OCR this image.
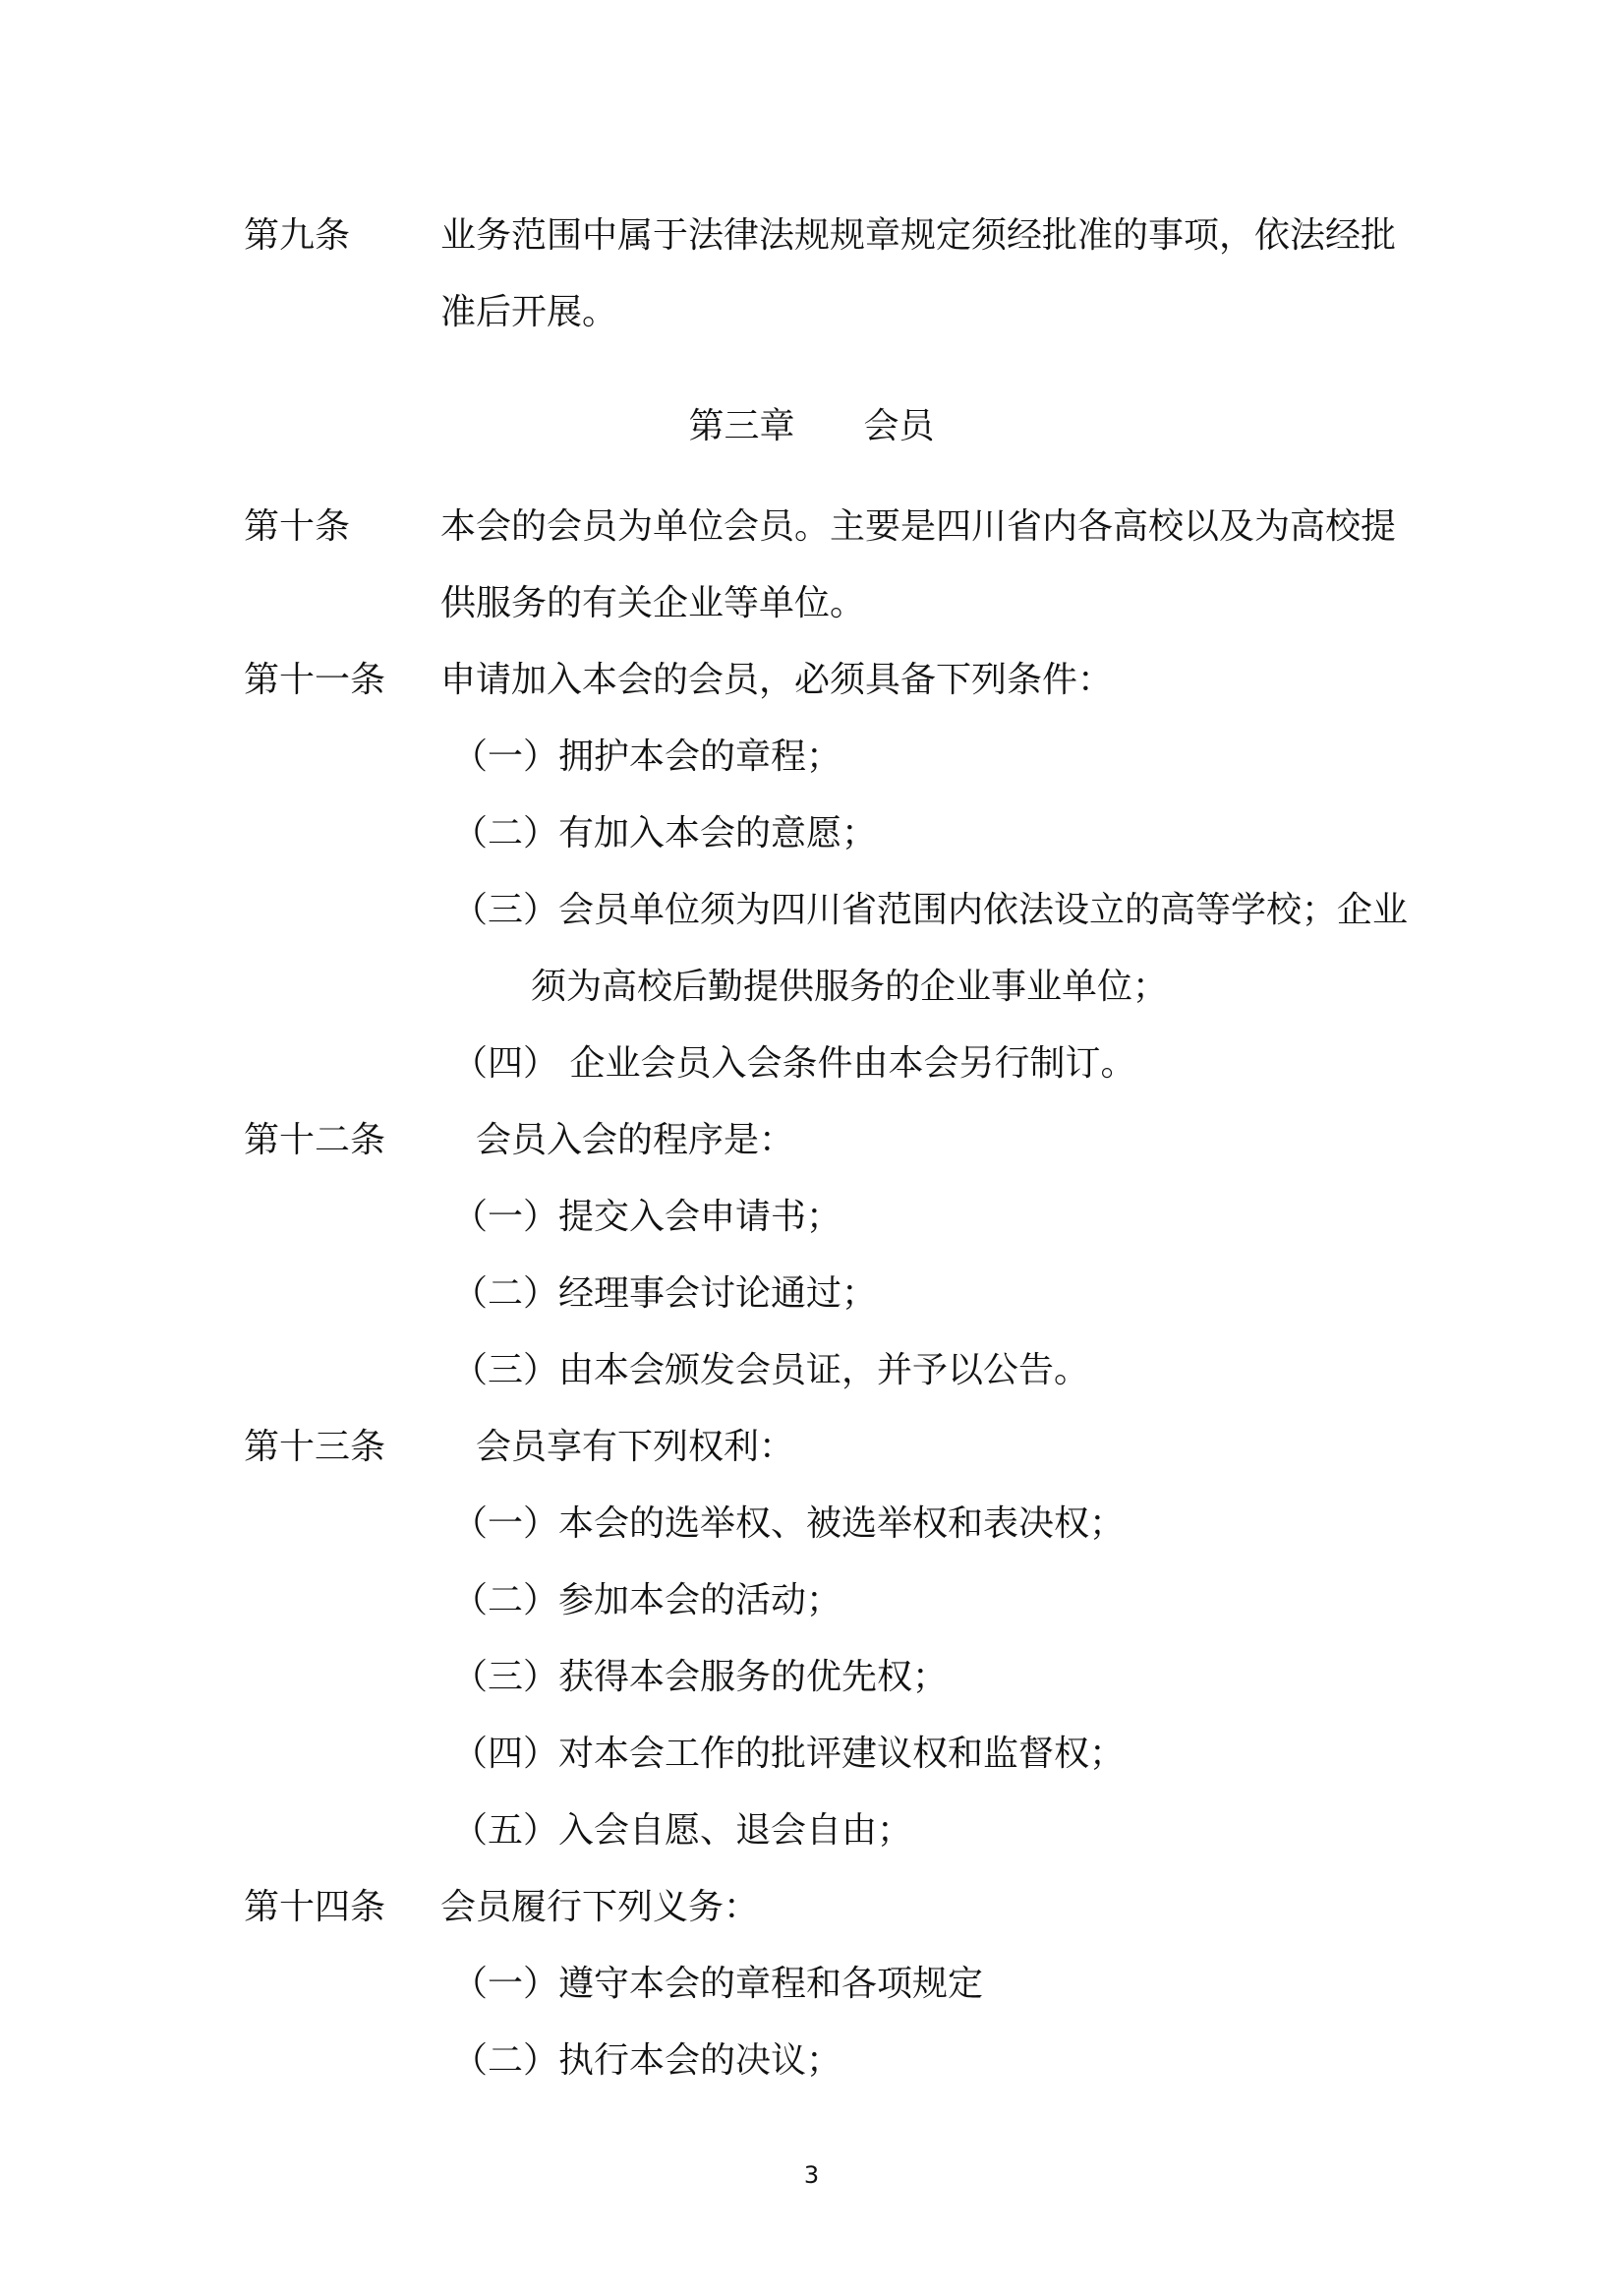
第九条	业务范围中属于法律法规规章规定须经批准的事项，依法经批
准后开展。
第三章 会员
第十条	本会的会员为单位会员。主要是四川省内各高校以及为高校提
供服务的有关企业等单位。
第十一条 申请加入本会的会员，必须具备下列条件：
（一）拥护本会的章程；
（二）有加入本会的意愿；
（三）会员单位须为四川省范围内依法设立的高等学校；企业
须为高校后勤提供服务的企业事业单位；
（四） 企业会员入会条件由本会另行制订。
第十二条	会员入会的程序是：
（一）提交入会申请书；
（二）经理事会讨论通过；
（三）由本会颁发会员证，并予以公告。
第十三条	会员享有下列权利：
（一）本会的选举权、被选举权和表决权；
（二）参加本会的活动；
（三）获得本会服务的优先权；
（四）对本会工作的批评建议权和监督权；
（五）入会自愿、退会自由；
第十四条 会员履行下列义务：
（一）遵守本会的章程和各项规定
（二）执行本会的决议；
3
